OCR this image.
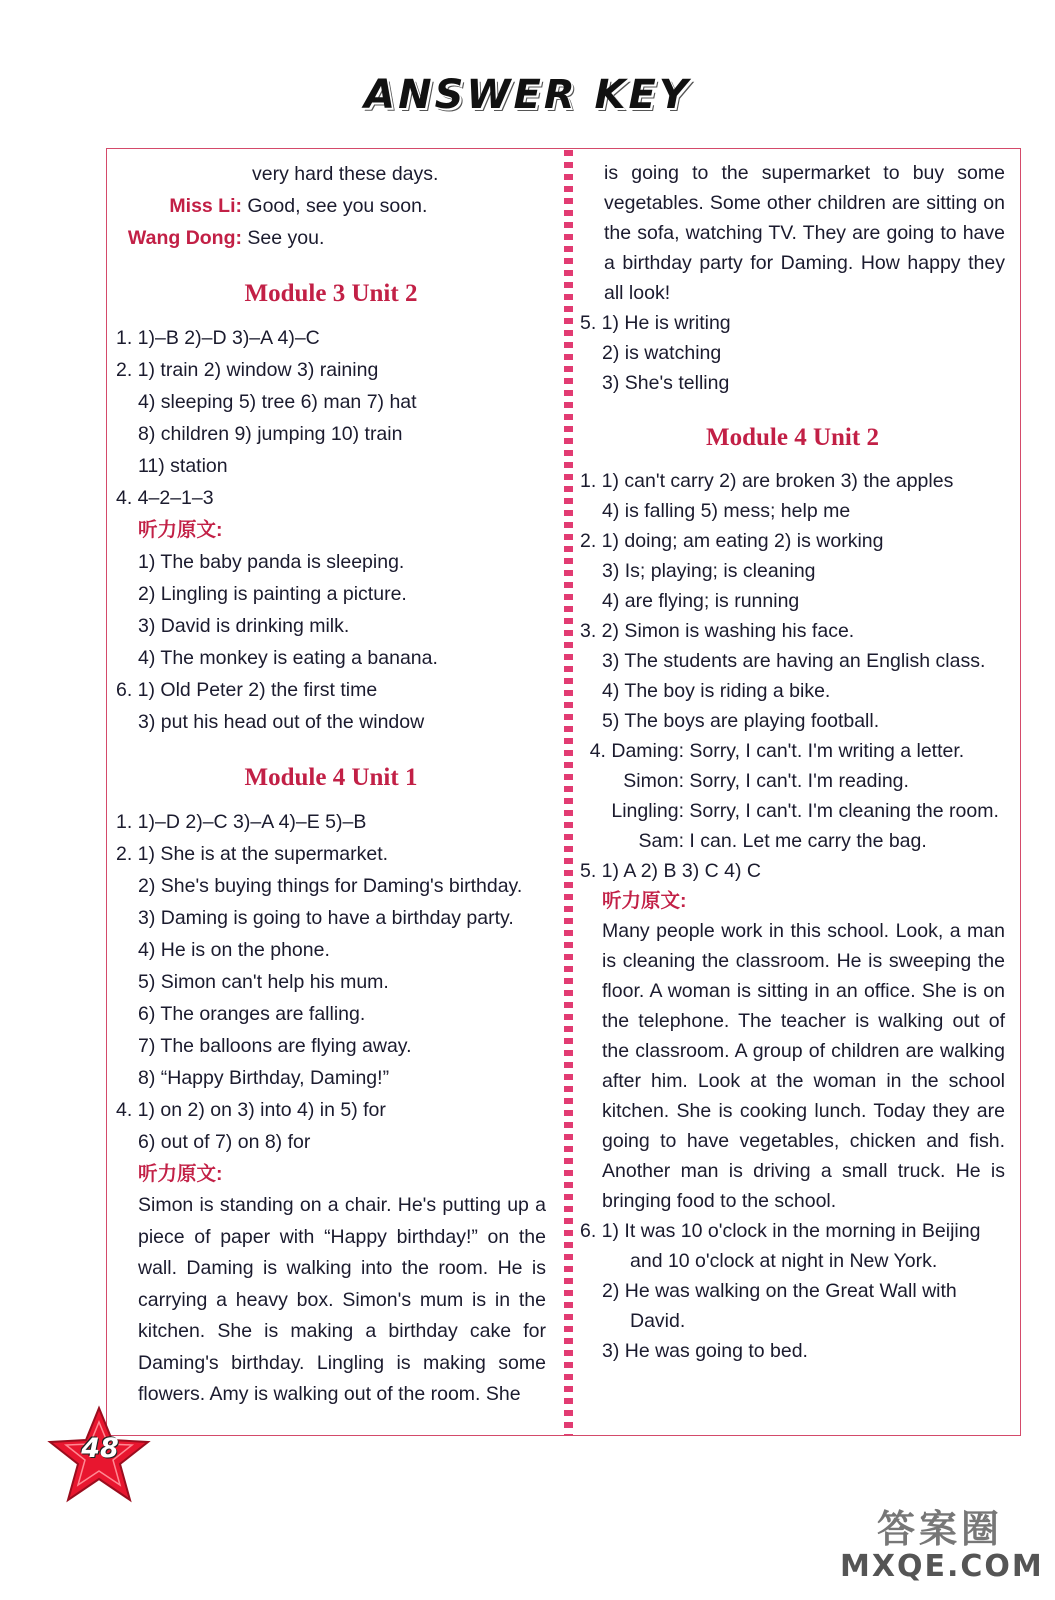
ANSWER KEY
very hard these days.
Miss Li: Good, see you soon.
Wang Dong: See you.
Module 3 Unit 2
1. 1)–B 2)–D 3)–A 4)–C
2. 1) train 2) window 3) raining
4) sleeping 5) tree 6) man 7) hat
8) children 9) jumping 10) train
11) station
4. 4–2–1–3
听力原文:
1) The baby panda is sleeping.
2) Lingling is painting a picture.
3) David is drinking milk.
4) The monkey is eating a banana.
6. 1) Old Peter 2) the first time
3) put his head out of the window
Module 4 Unit 1
1. 1)–D 2)–C 3)–A 4)–E 5)–B
2. 1) She is at the supermarket.
2) She's buying things for Daming's birthday.
3) Daming is going to have a birthday party.
4) He is on the phone.
5) Simon can't help his mum.
6) The oranges are falling.
7) The balloons are flying away.
8) “Happy Birthday, Daming!”
4. 1) on 2) on 3) into 4) in 5) for
6) out of 7) on 8) for
听力原文:
Simon is standing on a chair. He's putting up a piece of paper with “Happy birthday!” on the wall. Daming is walking into the room. He is carrying a heavy box. Simon's mum is in the kitchen. She is making a birthday cake for Daming's birthday. Lingling is making some flowers. Amy is walking out of the room. She
is going to the supermarket to buy some vegetables. Some other children are sitting on the sofa, watching TV. They are going to have a birthday party for Daming. How happy they all look!
5. 1) He is writing
2) is watching
3) She's telling
Module 4 Unit 2
1. 1) can't carry 2) are broken 3) the apples
4) is falling 5) mess; help me
2. 1) doing; am eating 2) is working
3) Is; playing; is cleaning
4) are flying; is running
3. 2) Simon is washing his face.
3) The students are having an English class.
4) The boy is riding a bike.
5) The boys are playing football.
4. Daming: Sorry, I can't. I'm writing a letter.
Simon: Sorry, I can't. I'm reading.
Lingling: Sorry, I can't. I'm cleaning the room.
Sam: I can. Let me carry the bag.
5. 1) A 2) B 3) C 4) C
听力原文:
Many people work in this school. Look, a man is cleaning the classroom. He is sweeping the floor. A woman is sitting in an office. She is on the telephone. The teacher is walking out of the classroom. A group of children are walking after him. Look at the woman in the school kitchen. She is cooking lunch. Today they are going to have vegetables, chicken and fish. Another man is driving a small truck. He is bringing food to the school.
6. 1) It was 10 o'clock in the morning in Beijing
and 10 o'clock at night in New York.
2) He was walking on the Great Wall with
David.
3) He was going to bed.
48
答案圈
MXQE.COM
